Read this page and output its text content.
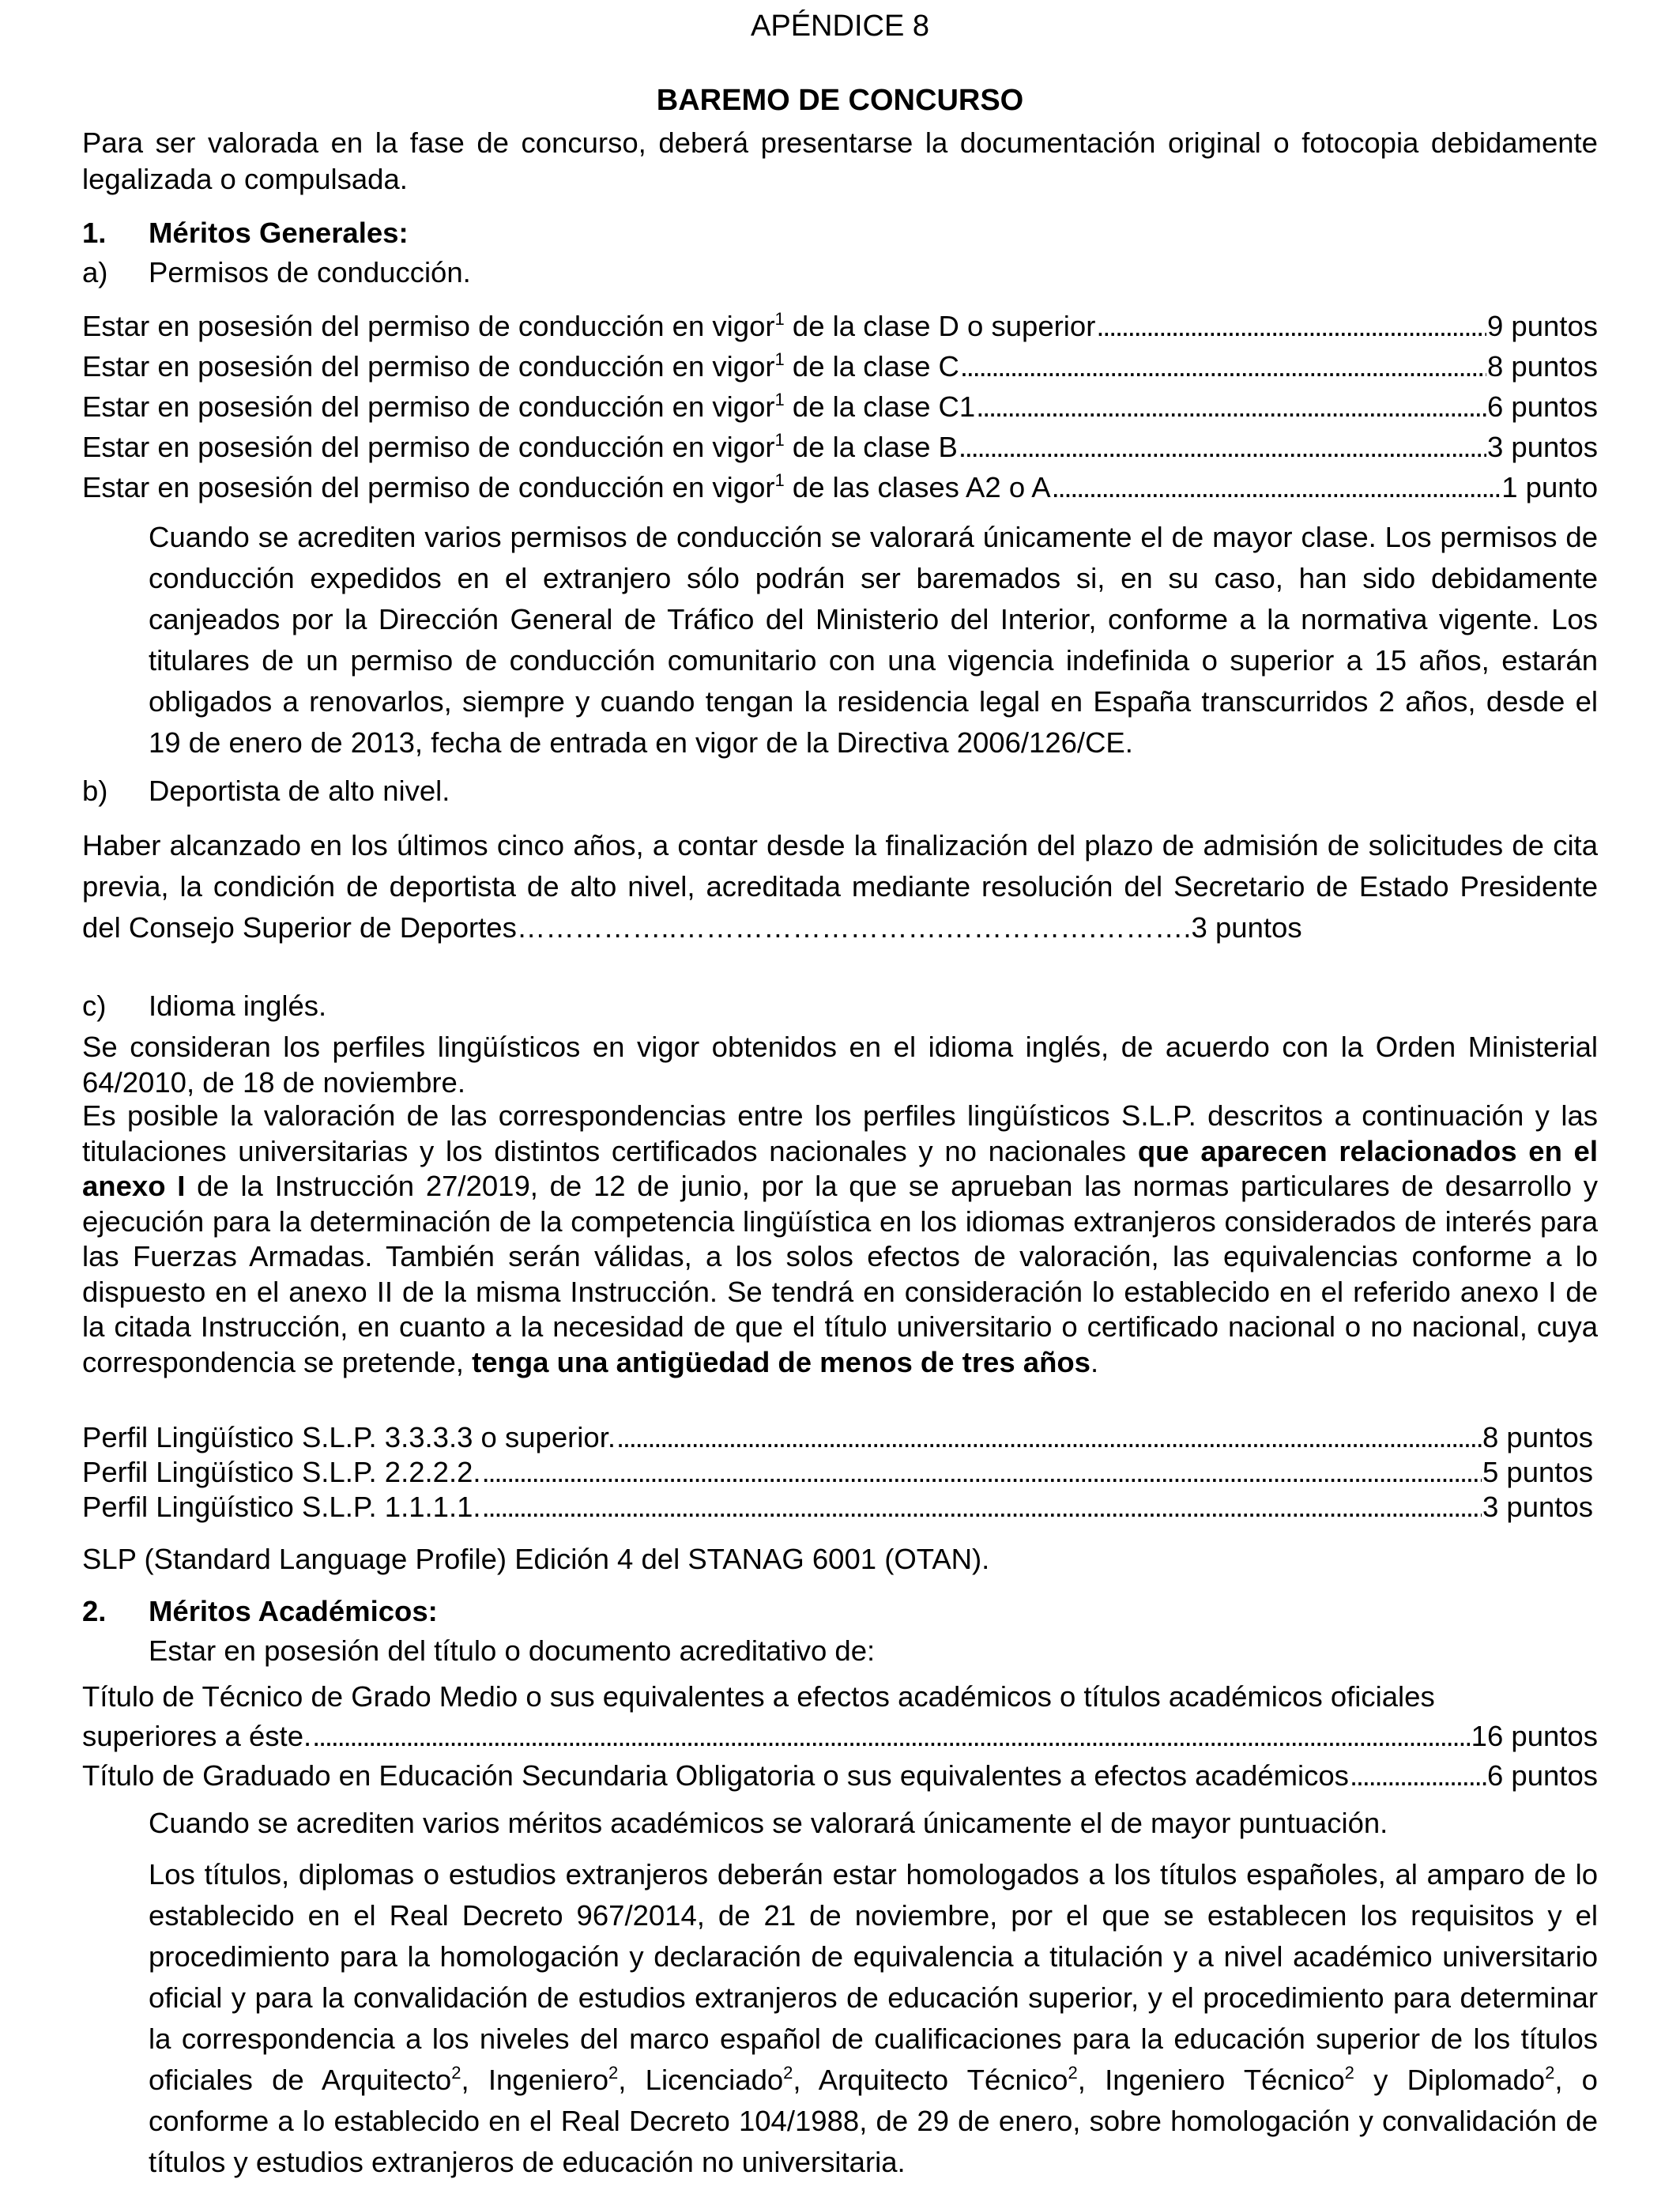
APÉNDICE 8
BAREMO DE CONCURSO
Para ser valorada en la fase de concurso, deberá presentarse la documentación original o fotocopia debidamente legalizada o compulsada.
1. Méritos Generales:
a) Permisos de conducción.
Estar en posesión del permiso de conducción en vigor$^1$ de la clase D o superior . . .	9 puntos
Estar en posesión del permiso de conducción en vigor$^1$ de la clase C . . .	8 puntos
Estar en posesión del permiso de conducción en vigor$^1$ de la clase C1 . . .	6 puntos
Estar en posesión del permiso de conducción en vigor$^1$ de la clase B . . .	3 puntos
Estar en posesión del permiso de conducción en vigor$^1$ de las clases A2 o A . . .	1 punto
Cuando se acrediten varios permisos de conducción se valorará únicamente el de mayor clase. Los permisos de conducción expedidos en el extranjero sólo podrán ser baremados si, en su caso, han sido debidamente canjeados por la Dirección General de Tráfico del Ministerio del Interior, conforme a la normativa vigente. Los titulares de un permiso de conducción comunitario con una vigencia indefinida o superior a 15 años, estarán obligados a renovarlos, siempre y cuando tengan la residencia legal en España transcurridos 2 años, desde el 19 de enero de 2013, fecha de entrada en vigor de la Directiva 2006/126/CE.
b) Deportista de alto nivel.
Haber alcanzado en los últimos cinco años, a contar desde la finalización del plazo de admisión de solicitudes de cita previa, la condición de deportista de alto nivel, acreditada mediante resolución del Secretario de Estado Presidente del Consejo Superior de Deportes……………..……………………….…………….……….3 puntos
c) Idioma inglés.
Se consideran los perfiles lingüísticos en vigor obtenidos en el idioma inglés, de acuerdo con la Orden Ministerial 64/2010, de 18 de noviembre.
Es posible la valoración de las correspondencias entre los perfiles lingüísticos S.L.P. descritos a continuación y las titulaciones universitarias y los distintos certificados nacionales y no nacionales que aparecen relacionados en el anexo I de la Instrucción 27/2019, de 12 de junio, por la que se aprueban las normas particulares de desarrollo y ejecución para la determinación de la competencia lingüística en los idiomas extranjeros considerados de interés para las Fuerzas Armadas. También serán válidas, a los solos efectos de valoración, las equivalencias conforme a lo dispuesto en el anexo II de la misma Instrucción. Se tendrá en consideración lo establecido en el referido anexo I de la citada Instrucción, en cuanto a la necesidad de que el título universitario o certificado nacional o no nacional, cuya correspondencia se pretende, tenga una antigüedad de menos de tres años.
Perfil Lingüístico S.L.P. 3.3.3.3 o superior. . . .	8 puntos
Perfil Lingüístico S.L.P. 2.2.2.2. . . .	5 puntos
Perfil Lingüístico S.L.P. 1.1.1.1. . . .	3 puntos
SLP (Standard Language Profile) Edición 4 del STANAG 6001 (OTAN).
2. Méritos Académicos:
Estar en posesión del título o documento acreditativo de:
Título de Técnico de Grado Medio o sus equivalentes a efectos académicos o títulos académicos oficiales
superiores a éste. . . .	16 puntos
Título de Graduado en Educación Secundaria Obligatoria o sus equivalentes a efectos académicos . . .	6 puntos
Cuando se acrediten varios méritos académicos se valorará únicamente el de mayor puntuación.
Los títulos, diplomas o estudios extranjeros deberán estar homologados a los títulos españoles, al amparo de lo establecido en el Real Decreto 967/2014, de 21 de noviembre, por el que se establecen los requisitos y el procedimiento para la homologación y declaración de equivalencia a titulación y a nivel académico universitario oficial y para la convalidación de estudios extranjeros de educación superior, y el procedimiento para determinar la correspondencia a los niveles del marco español de cualificaciones para la educación superior de los títulos oficiales de Arquitecto$^2$, Ingeniero$^2$, Licenciado$^2$, Arquitecto Técnico$^2$, Ingeniero Técnico$^2$ y Diplomado$^2$, o conforme a lo establecido en el Real Decreto 104/1988, de 29 de enero, sobre homologación y convalidación de títulos y estudios extranjeros de educación no universitaria.
